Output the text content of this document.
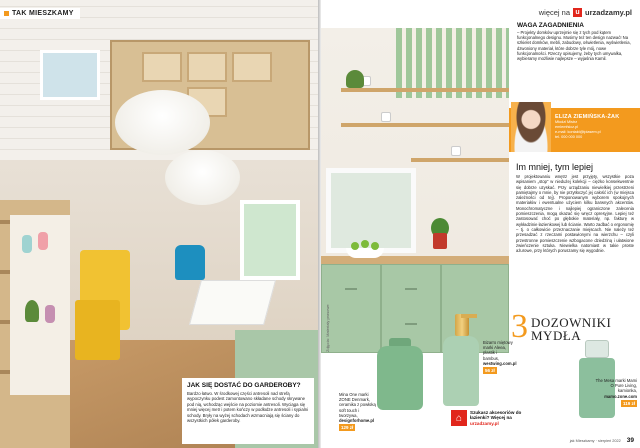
TAK MIESZKAMY
JAK SIĘ DOSTAĆ DO GARDEROBY?
Bardzo łatwo. W środkowej części antresoli nad strefą wypoczynku podest zamontowano składane schody skrywane pod nią, wchodząc wejście na poziomie antresoli. Wyciąga się mniej więcej metr i potem kończy w podłodze antresoli i sypialni schody. Bryły na wyżej schodach wzmacniają się ściany do wszystkich półek garderoby.
więcej na u urzadzamy.pl
WAGA ZAGADNIENIA
– Projekty domków uprzejmie się z tych pod kątem funkcjonalnego designu. Musimy też ten design nazwać! Na szkielet domków, mebli, zabudowy, oświetlenia, wyświetlenia, dzwoniony materiał, które dobrze tyle mój, nowe funkcjonalności. Rzeczy opisujemy, żeby tych umywalka, wybieramy możliwie najlepsze – wyjaśnia Kamil.
ELIZA ZIEMIŃSKA-ŻAK
Młodzi Mistrz
emlemfsicz.pl
e-mail: kontakt@lpiasem.pl
tel. 000 000 000
Im mniej, tym lepiej
W projektowaniu wnętrz jest przyjęty, wszystkie poza wpisaniem „stop” w niedużej kolekcji – ciężko konsekwentnie się dobrze uzyskać. Przy urządzaniu niewielkiej przestrzeni pamiętajmy o mnie, by nie przytłoczyć jej całość ich (w miejsca zależności od tej). Proponowanym wyborem spokojnych materiałów i ewentualne użyciem kilku barwnych akcentów. Monochromatyczne i najlepiej ograniczone zalecenia pomieszczenia, mogą okazać się wręcz opresyjne. Lepiej też zastosować choć po głębokie materiały, np. fakturę w wykładzinie łazienkowej lub ścianie. Warto zadbać o ergonomię – tj. o całkowicie przeznaczanie miejscach. Nie należy też przesadzać z rzeczami postawionymi na wierzchu – czyli przestronne pomieszczenie wzbogacone dziedziną i ułatwione zwieńczenie sztuka. Niewielka natomiast w takie proste ażurowe, przy których poruszamy się wygodnie.
3 DOZOWNIKI
MYDŁA
Zdjęcia: Materiały prasowe
Mina One marki ZONE Denmark, ceramika z powłoką soft touch i tworzywa,
designforhome.pl
129 zł
Bizarro miętowy marki Aleea, plastik i bambus,
westwing.com.pl
56 zł
The Mesa marki Mami O Pure Living, kamionka,
mamo.zone.com
119 zł
⌂
Szukasz akcesoriów do łazienki? Więcej na urzadzamy.pl
jak Mieszkamy · sierpień 2022 39
